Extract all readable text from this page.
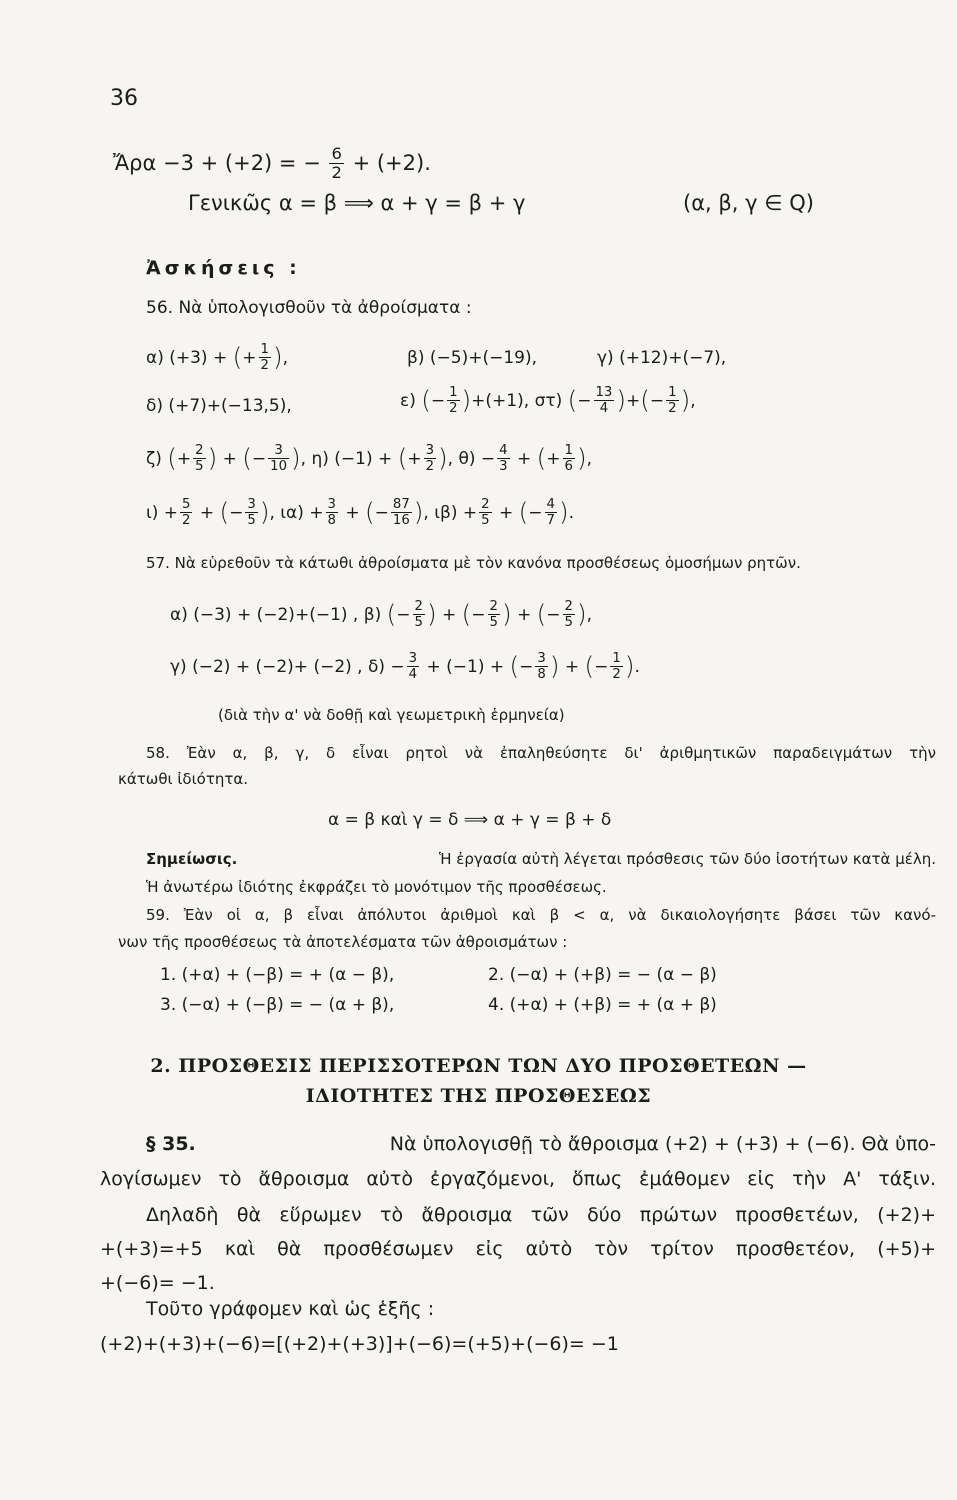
36
Ἄρα −3 + (+2) = − $\frac{6}{2} + (+2)$.
Γενικῶς α = β ⟹ α + γ = β + γ	(α, β, γ ∈ Q)
Ἀσκήσεις :
56. Νὰ ὑπολογισθοῦν τὰ ἀθροίσματα :
α) (+3) + (+ $\frac{1}{2}$ ),	β) (−5)+(−19),	γ) (+12)+(−7),
δ) (+7)+(−13,5),	ε) (− $\frac{1}{2} )+(+1)$, στ) (− $\frac{13}{4}$ )+(− $\frac{1}{2}$ ),
ζ) (+ $\frac{2}{5}$ ) + (− $\frac{3}{10}$ ), η) (−1) + (+ $\frac{3}{2}$ ), $\theta) - \frac{4}{3}$ + (+ $\frac{1}{6}$ ),
$\iota) + \frac{5}{2}$ + (− $\frac{3}{5}$ ), $\iota\alpha) + \frac{3}{8}$ + (− $\frac{87}{16}$ ), $\iota\beta) + \frac{2}{5}$ + (− $\frac{4}{7}$ ).
57. Νὰ εὑρεθοῦν τὰ κάτωθι ἀθροίσματα μὲ τὸν κανόνα προσθέσεως ὁμοσήμων ρητῶν.
α) (−3) + (−2)+(−1) , β) (− $\frac{2}{5}$ ) + (− $\frac{2}{5}$ ) + (− $\frac{2}{5}$ ),
γ) (−2) + (−2)+ (−2) , $\delta) - \frac{3}{4} + (-1)$ + (− $\frac{3}{8}$ ) + (− $\frac{1}{2}$ ).
(διὰ τὴν α' νὰ δοθῇ καὶ γεωμετρικὴ ἑρμηνεία)
58. Ἐὰν α, β, γ, δ εἶναι ρητοὶ νὰ ἐπαληθεύσητε δι' ἀριθμητικῶν παραδειγμάτων τὴν
κάτωθι ἰδιότητα.
α = β καὶ γ = δ ⟹ α + γ = β + δ
Σημείωσις.	Ἡ ἐργασία αὐτὴ λέγεται πρόσθεσις τῶν δύο ἰσοτήτων κατὰ μέλη.
Ἡ ἀνωτέρω ἰδιότης ἐκφράζει τὸ μονότιμον τῆς προσθέσεως.
59. Ἐὰν οἱ α, β εἶναι ἀπόλυτοι ἀριθμοὶ καὶ β < α, νὰ δικαιολογήσητε βάσει τῶν κανό-
νων τῆς προσθέσεως τὰ ἀποτελέσματα τῶν ἀθροισμάτων :
1. (+α) + (−β) = + (α − β),	2. (−α) + (+β) = − (α − β)
3. (−α) + (−β) = − (α + β),	4. (+α) + (+β) = + (α + β)
2. ΠΡΟΣΘΕΣΙΣ ΠΕΡΙΣΣΟΤΕΡΩΝ ΤΩΝ ΔΥΟ ΠΡΟΣΘΕΤΕΩΝ —
ΙΔΙΟΤΗΤΕΣ ΤΗΣ ΠΡΟΣΘΕΣΕΩΣ
§ 35.	Νὰ ὑπολογισθῇ τὸ ἄθροισμα (+2) + (+3) + (−6). Θὰ ὑπο-
λογίσωμεν τὸ ἄθροισμα αὐτὸ ἐργαζόμενοι, ὅπως ἐμάθομεν εἰς τὴν Α' τάξιν.
Δηλαδὴ θὰ εὕρωμεν τὸ ἄθροισμα τῶν δύο πρώτων προσθετέων, (+2)+
+(+3)=+5 καὶ θὰ προσθέσωμεν εἰς αὐτὸ τὸν τρίτον προσθετέον, (+5)+
+(−6)= −1.
Τοῦτο γράφομεν καὶ ὡς ἑξῆς :
(+2)+(+3)+(−6)=[(+2)+(+3)]+(−6)=(+5)+(−6)= −1
